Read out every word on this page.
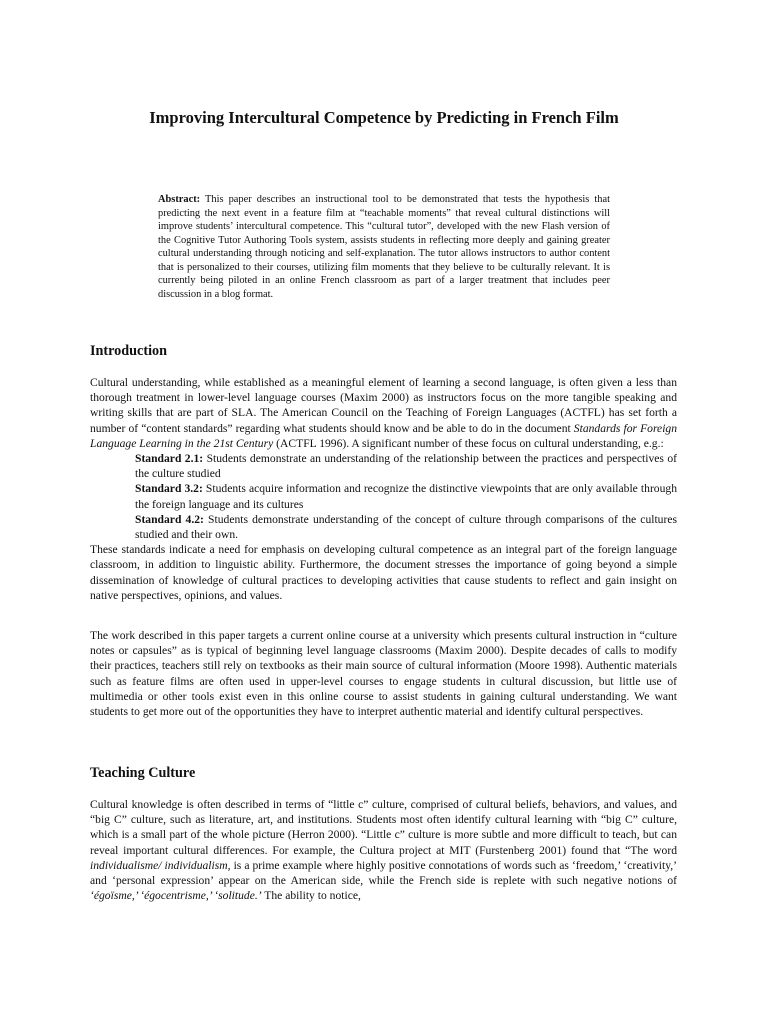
Improving Intercultural Competence by Predicting in French Film

Abstract: This paper describes an instructional tool to be demonstrated that tests the hypothesis that predicting the next event in a feature film at “teachable moments” that reveal cultural distinctions will improve students’ intercultural competence. This “cultural tutor”, developed with the new Flash version of the Cognitive Tutor Authoring Tools system, assists students in reflecting more deeply and gaining greater cultural understanding through noticing and self-explanation. The tutor allows instructors to author content that is personalized to their courses, utilizing film moments that they believe to be culturally relevant. It is currently being piloted in an online French classroom as part of a larger treatment that includes peer discussion in a blog format.

Introduction
Cultural understanding, while established as a meaningful element of learning a second language, is often given a less than thorough treatment in lower-level language courses (Maxim 2000) as instructors focus on the more tangible speaking and writing skills that are part of SLA. The American Council on the Teaching of Foreign Languages (ACTFL) has set forth a number of “content standards” regarding what students should know and be able to do in the document Standards for Foreign Language Learning in the 21st Century (ACTFL 1996). A significant number of these focus on cultural understanding, e.g.:
Standard 2.1: Students demonstrate an understanding of the relationship between the practices and perspectives of the culture studied
Standard 3.2: Students acquire information and recognize the distinctive viewpoints that are only available through the foreign language and its cultures
Standard 4.2: Students demonstrate understanding of the concept of culture through comparisons of the cultures studied and their own.
These standards indicate a need for emphasis on developing cultural competence as an integral part of the foreign language classroom, in addition to linguistic ability. Furthermore, the document stresses the importance of going beyond a simple dissemination of knowledge of cultural practices to developing activities that cause students to reflect and gain insight on native perspectives, opinions, and values.
The work described in this paper targets a current online course at a university which presents cultural instruction in “culture notes or capsules” as is typical of beginning level language classrooms (Maxim 2000). Despite decades of calls to modify their practices, teachers still rely on textbooks as their main source of cultural information (Moore 1998). Authentic materials such as feature films are often used in upper-level courses to engage students in cultural discussion, but little use of multimedia or other tools exist even in this online course to assist students in gaining cultural understanding. We want students to get more out of the opportunities they have to interpret authentic material and identify cultural perspectives.
Teaching Culture
Cultural knowledge is often described in terms of “little c” culture, comprised of cultural beliefs, behaviors, and values, and “big C” culture, such as literature, art, and institutions. Students most often identify cultural learning with “big C” culture, which is a small part of the whole picture (Herron 2000). “Little c” culture is more subtle and more difficult to teach, but can reveal important cultural differences. For example, the Cultura project at MIT (Furstenberg 2001) found that “The word individualisme/ individualism, is a prime example where highly positive connotations of words such as ‘freedom,’ ‘creativity,’ and ‘personal expression’ appear on the American side, while the French side is replete with such negative notions of ‘égoïsme,’ ‘égocentrisme,’ ‘solitude.’ The ability to notice,
